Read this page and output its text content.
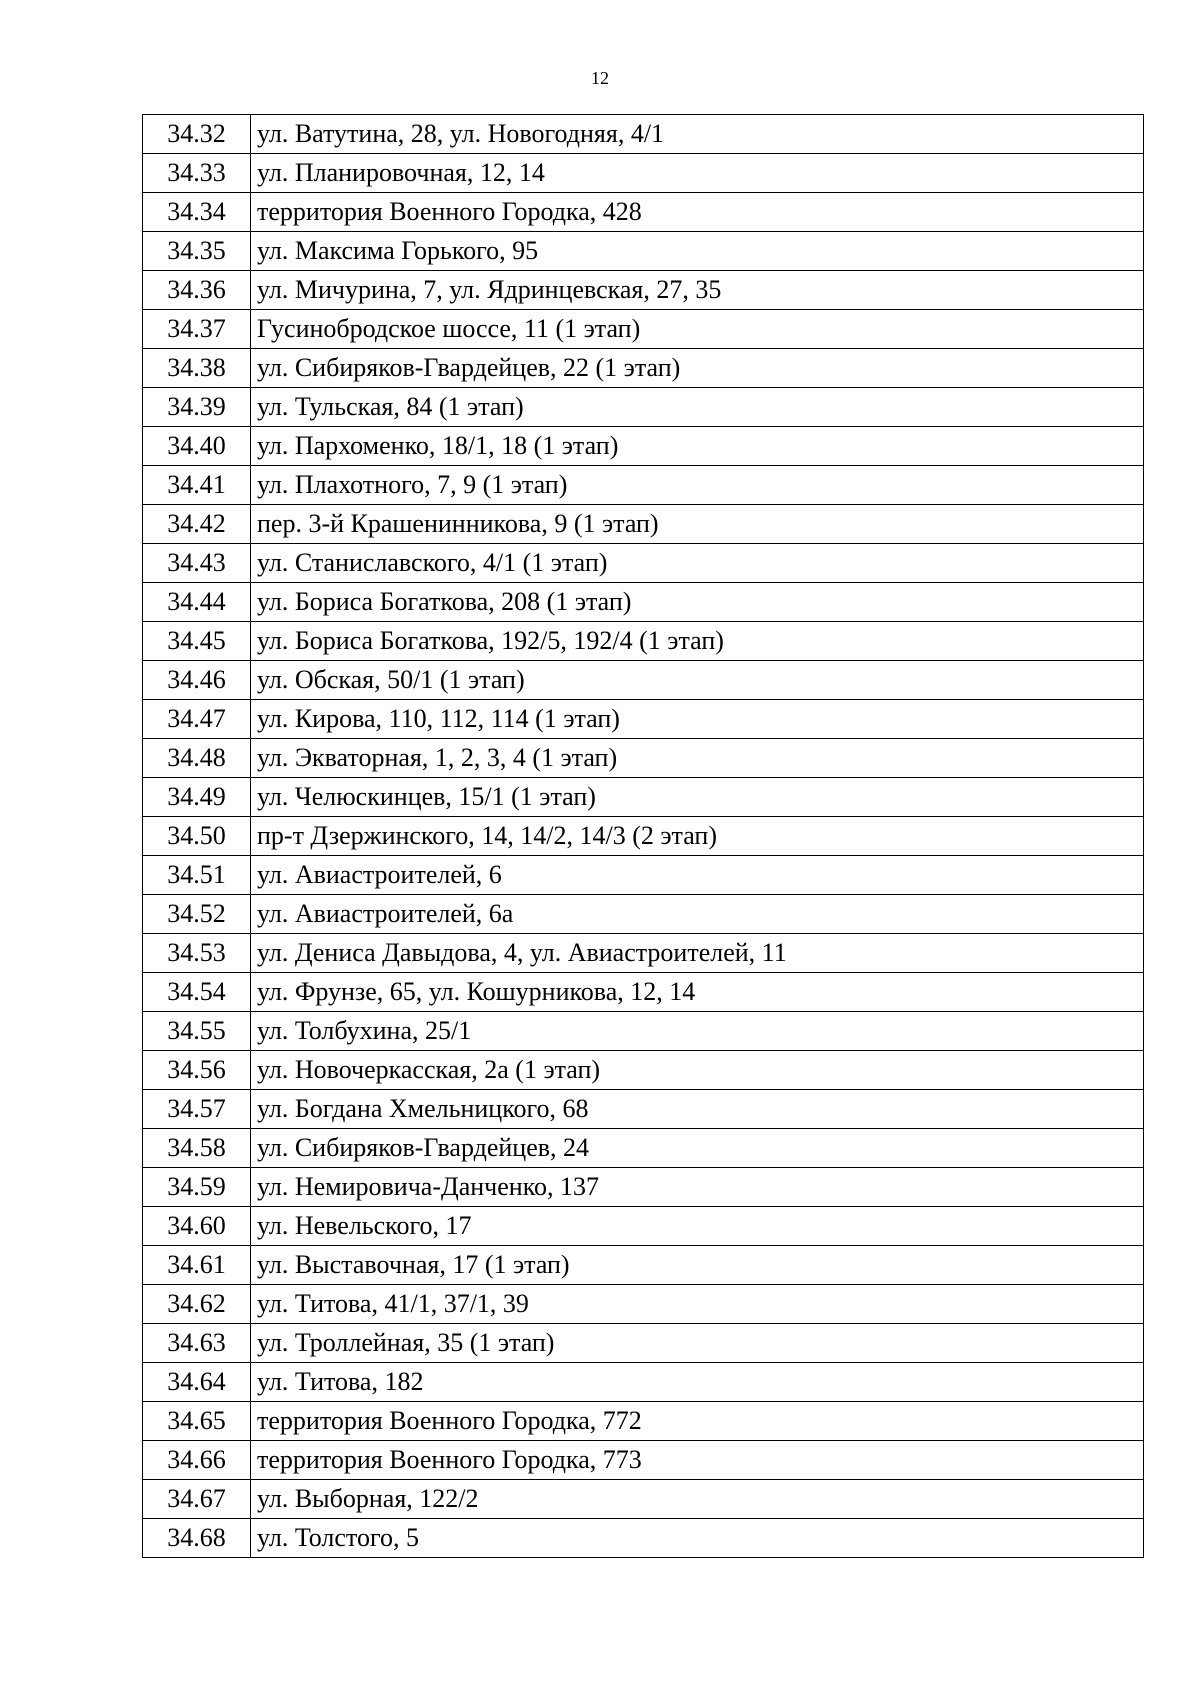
12
34.32	ул. Ватутина, 28, ул. Новогодняя, 4/1
34.33	ул. Планировочная, 12, 14
34.34	территория Военного Городка, 428
34.35	ул. Максима Горького, 95
34.36	ул. Мичурина, 7, ул. Ядринцевская, 27, 35
34.37	Гусинобродское шоссе, 11 (1 этап)
34.38	ул. Сибиряков-Гвардейцев, 22 (1 этап)
34.39	ул. Тульская, 84 (1 этап)
34.40	ул. Пархоменко, 18/1, 18 (1 этап)
34.41	ул. Плахотного, 7, 9 (1 этап)
34.42	пер. 3-й Крашенинникова, 9 (1 этап)
34.43	ул. Станиславского, 4/1 (1 этап)
34.44	ул. Бориса Богаткова, 208 (1 этап)
34.45	ул. Бориса Богаткова, 192/5, 192/4 (1 этап)
34.46	ул. Обская, 50/1 (1 этап)
34.47	ул. Кирова, 110, 112, 114 (1 этап)
34.48	ул. Экваторная, 1, 2, 3, 4 (1 этап)
34.49	ул. Челюскинцев, 15/1 (1 этап)
34.50	пр-т Дзержинского, 14, 14/2, 14/3 (2 этап)
34.51	ул. Авиастроителей, 6
34.52	ул. Авиастроителей, 6а
34.53	ул. Дениса Давыдова, 4, ул. Авиастроителей, 11
34.54	ул. Фрунзе, 65, ул. Кошурникова, 12, 14
34.55	ул. Толбухина, 25/1
34.56	ул. Новочеркасская, 2а (1 этап)
34.57	ул. Богдана Хмельницкого, 68
34.58	ул. Сибиряков-Гвардейцев, 24
34.59	ул. Немировича-Данченко, 137
34.60	ул. Невельского, 17
34.61	ул. Выставочная, 17 (1 этап)
34.62	ул. Титова, 41/1, 37/1, 39
34.63	ул. Троллейная, 35 (1 этап)
34.64	ул. Титова, 182
34.65	территория Военного Городка, 772
34.66	территория Военного Городка, 773
34.67	ул. Выборная, 122/2
34.68	ул. Толстого, 5
